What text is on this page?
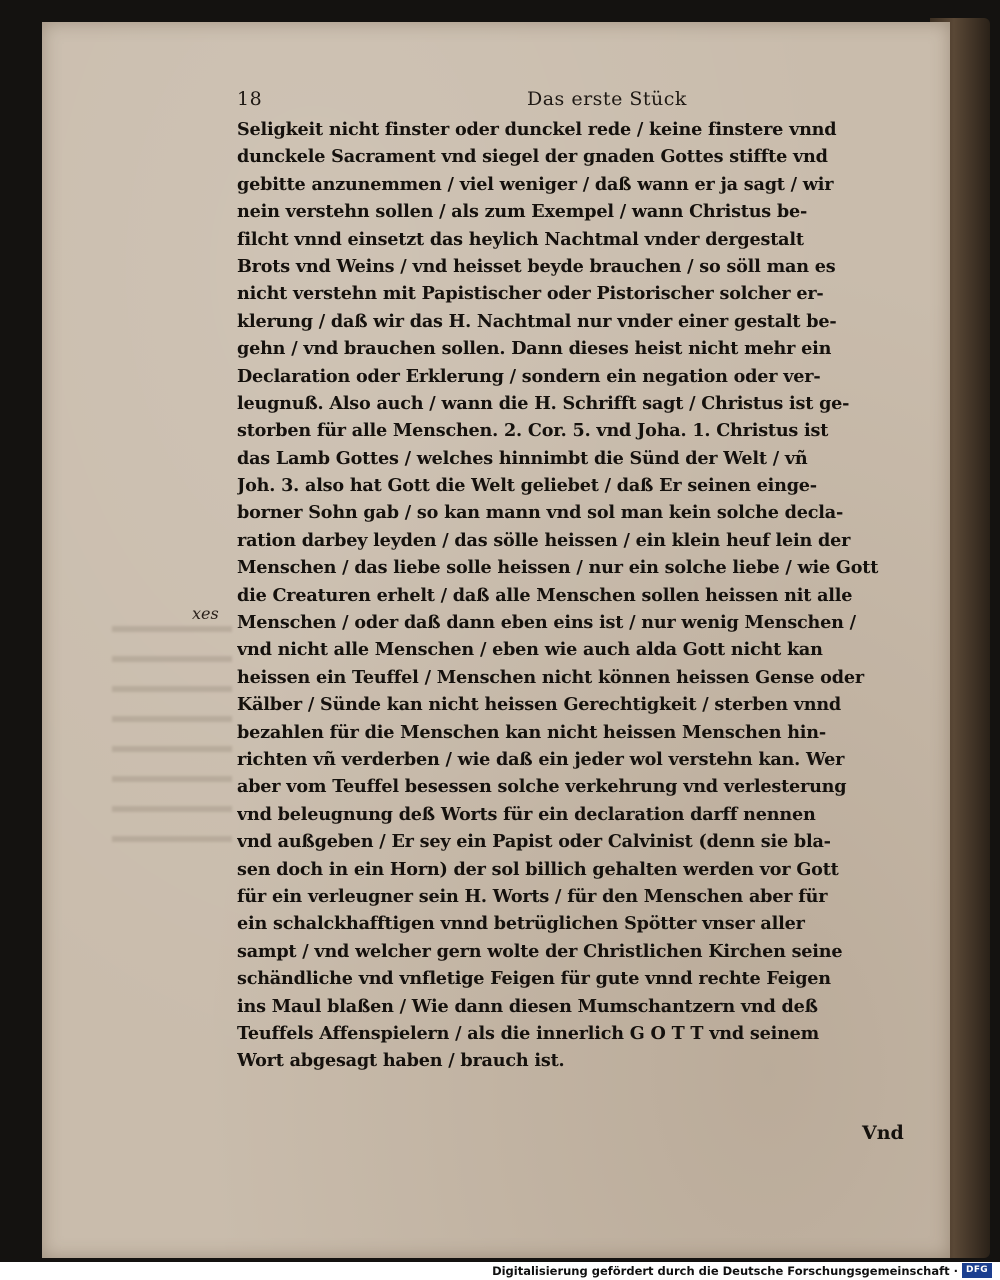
18	Das erste Stück
xes
Seligkeit nicht finster oder dunckel rede / keine finstere vnnd
dunckele Sacrament vnd siegel der gnaden Gottes stiffte vnd
gebitte anzunemmen / viel weniger / daß wann er ja sagt / wir
nein verstehn sollen / als zum Exempel / wann Christus be-
filcht vnnd einsetzt das heylich Nachtmal vnder dergestalt
Brots vnd Weins / vnd heisset beyde brauchen / so söll man es
nicht verstehn mit Papistischer oder Pistorischer solcher er-
klerung / daß wir das H. Nachtmal nur vnder einer gestalt be-
gehn / vnd brauchen sollen. Dann dieses heist nicht mehr ein
Declaration oder Erklerung / sondern ein negation oder ver-
leugnuß. Also auch / wann die H. Schrifft sagt / Christus ist ge-
storben für alle Menschen. 2. Cor. 5. vnd Joha. 1. Christus ist
das Lamb Gottes / welches hinnimbt die Sünd der Welt / vñ
Joh. 3. also hat Gott die Welt geliebet / daß Er seinen einge-
borner Sohn gab / so kan mann vnd sol man kein solche decla-
ration darbey leyden / das sölle heissen / ein klein heuf lein der
Menschen / das liebe solle heissen / nur ein solche liebe / wie Gott
die Creaturen erhelt / daß alle Menschen sollen heissen nit alle
Menschen / oder daß dann eben eins ist / nur wenig Menschen /
vnd nicht alle Menschen / eben wie auch alda Gott nicht kan
heissen ein Teuffel / Menschen nicht können heissen Gense oder
Kälber / Sünde kan nicht heissen Gerechtigkeit / sterben vnnd
bezahlen für die Menschen kan nicht heissen Menschen hin-
richten vñ verderben / wie daß ein jeder wol verstehn kan. Wer
aber vom Teuffel besessen solche verkehrung vnd verlesterung
vnd beleugnung deß Worts für ein declaration darff nennen
vnd außgeben / Er sey ein Papist oder Calvinist (denn sie bla-
sen doch in ein Horn) der sol billich gehalten werden vor Gott
für ein verleugner sein H. Worts / für den Menschen aber für
ein schalckhafftigen vnnd betrüglichen Spötter vnser aller
sampt / vnd welcher gern wolte der Christlichen Kirchen seine
schändliche vnd vnfletige Feigen für gute vnnd rechte Feigen
ins Maul blaßen / Wie dann diesen Mumschantzern vnd deß
Teuffels Affenspielern / als die innerlich G O T T vnd seinem
Wort abgesagt haben / brauch ist.
Vnd
Digitalisierung gefördert durch die Deutsche Forschungsgemeinschaft · DFG
